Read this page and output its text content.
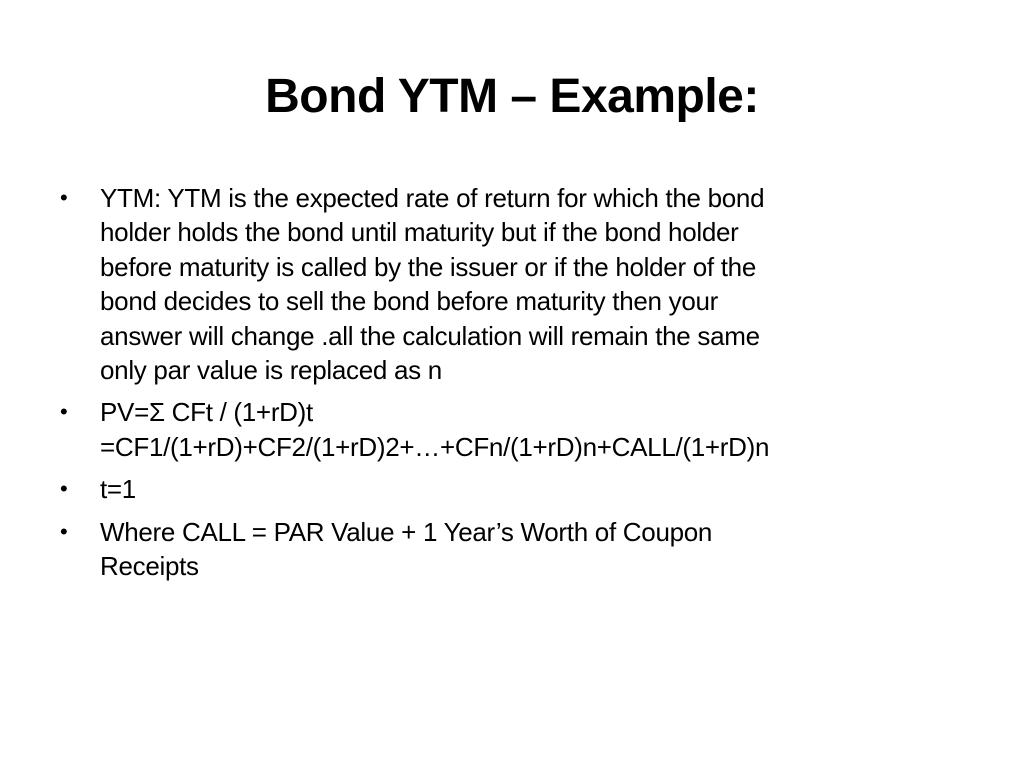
Bond YTM – Example:
•	YTM: YTM is the expected rate of return for which the bond
holder holds the bond until maturity but if the bond holder
before maturity is called by the issuer or if the holder of the
bond decides to sell the bond before maturity then your
answer will change .all the calculation will remain the same
only par value is replaced as n
•	PV=Σ CFt / (1+rD)t
=CF1/(1+rD)+CF2/(1+rD)2+…+CFn/(1+rD)n+CALL/(1+rD)n
•	t=1
•	Where CALL = PAR Value + 1 Year’s Worth of Coupon
Receipts
